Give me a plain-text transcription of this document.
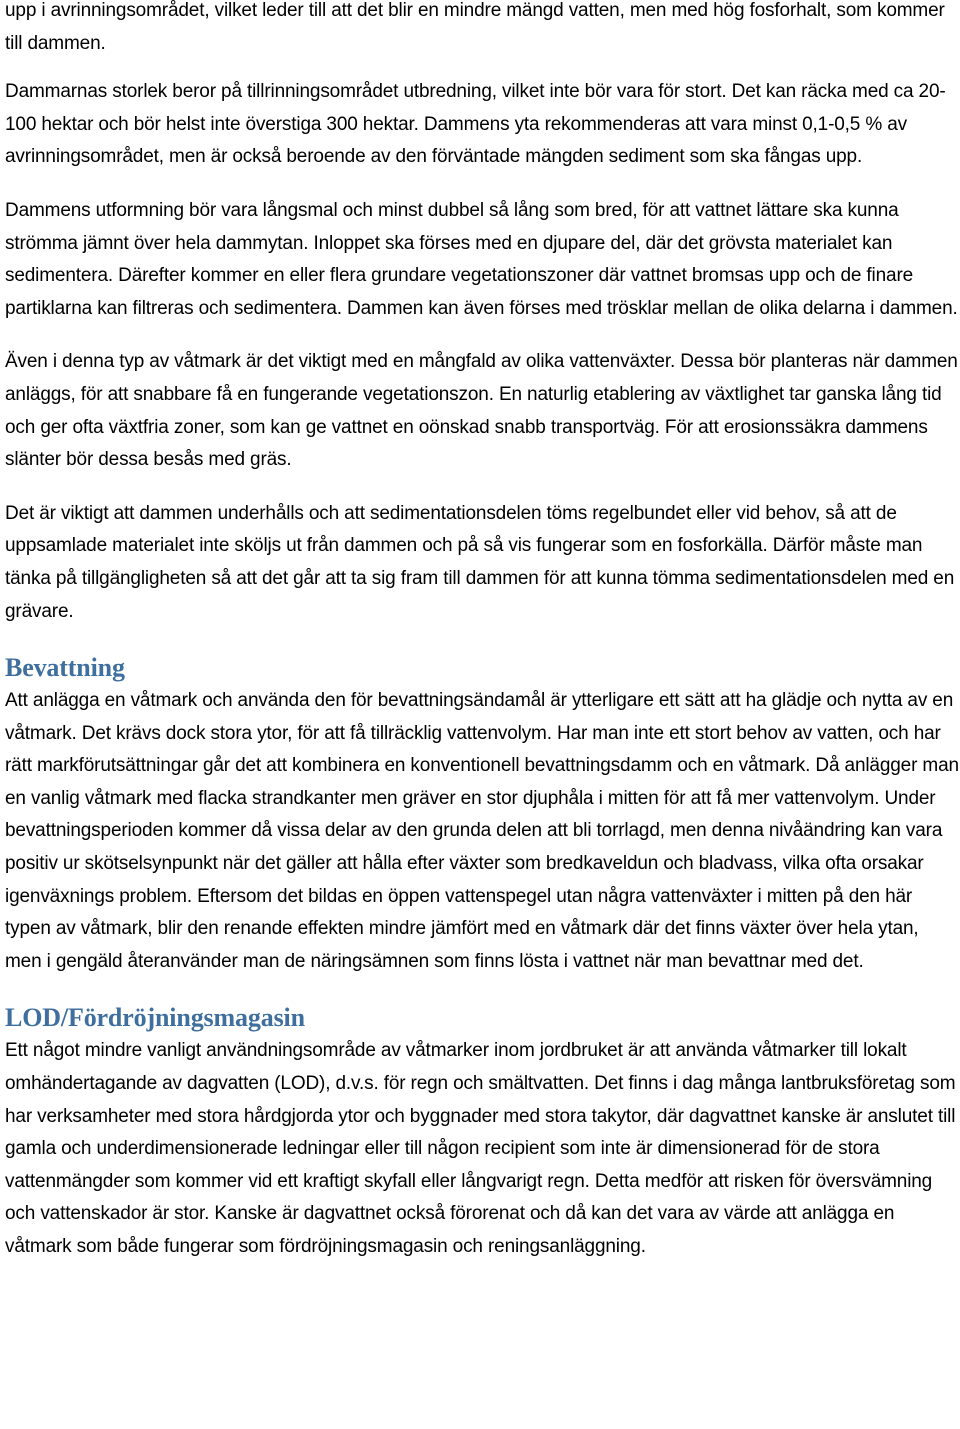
upp i avrinningsområdet, vilket leder till att det blir en mindre mängd vatten, men med hög fosforhalt, som kommer till dammen.

Dammarnas storlek beror på tillrinningsområdet utbredning, vilket inte bör vara för stort. Det kan räcka med ca 20-100 hektar och bör helst inte överstiga 300 hektar. Dammens yta rekommenderas att vara minst 0,1-0,5 % av avrinningsområdet, men är också beroende av den förväntade mängden sediment som ska fångas upp.

Dammens utformning bör vara långsmal och minst dubbel så lång som bred, för att vattnet lättare ska kunna strömma jämnt över hela dammytan. Inloppet ska förses med en djupare del, där det grövsta materialet kan sedimentera. Därefter kommer en eller flera grundare vegetationszoner där vattnet bromsas upp och de finare partiklarna kan filtreras och sedimentera. Dammen kan även förses med trösklar mellan de olika delarna i dammen.

Även i denna typ av våtmark är det viktigt med en mångfald av olika vattenväxter. Dessa bör planteras när dammen anläggs, för att snabbare få en fungerande vegetationszon. En naturlig etablering av växtlighet tar ganska lång tid och ger ofta växtfria zoner, som kan ge vattnet en oönskad snabb transportväg. För att erosionssäkra dammens slänter bör dessa besås med gräs.

Det är viktigt att dammen underhålls och att sedimentationsdelen töms regelbundet eller vid behov, så att de uppsamlade materialet inte sköljs ut från dammen och på så vis fungerar som en fosforkälla. Därför måste man tänka på tillgängligheten så att det går att ta sig fram till dammen för att kunna tömma sedimentationsdelen med en grävare.

Bevattning

Att anlägga en våtmark och använda den för bevattningsändamål är ytterligare ett sätt att ha glädje och nytta av en våtmark. Det krävs dock stora ytor, för att få tillräcklig vattenvolym. Har man inte ett stort behov av vatten, och har rätt markförutsättningar går det att kombinera en konventionell bevattningsdamm och en våtmark. Då anlägger man en vanlig våtmark med flacka strandkanter men gräver en stor djuphåla i mitten för att få mer vattenvolym. Under bevattningsperioden kommer då vissa delar av den grunda delen att bli torrlagd, men denna nivåändring kan vara positiv ur skötselsynpunkt när det gäller att hålla efter växter som bredkaveldun och bladvass, vilka ofta orsakar igenväxnings problem. Eftersom det bildas en öppen vattenspegel utan några vattenväxter i mitten på den här typen av våtmark, blir den renande effekten mindre jämfört med en våtmark där det finns växter över hela ytan, men i gengäld återanvänder man de näringsämnen som finns lösta i vattnet när man bevattnar med det.

LOD/Fördröjningsmagasin

Ett något mindre vanligt användningsområde av våtmarker inom jordbruket är att använda våtmarker till lokalt omhändertagande av dagvatten (LOD), d.v.s. för regn och smältvatten. Det finns i dag många lantbruksföretag som har verksamheter med stora hårdgjorda ytor och byggnader med stora takytor, där dagvattnet kanske är anslutet till gamla och underdimensionerade ledningar eller till någon recipient som inte är dimensionerad för de stora vattenmängder som kommer vid ett kraftigt skyfall eller långvarigt regn. Detta medför att risken för översvämning och vattenskador är stor. Kanske är dagvattnet också förorenat och då kan det vara av värde att anlägga en våtmark som både fungerar som fördröjningsmagasin och reningsanläggning.
